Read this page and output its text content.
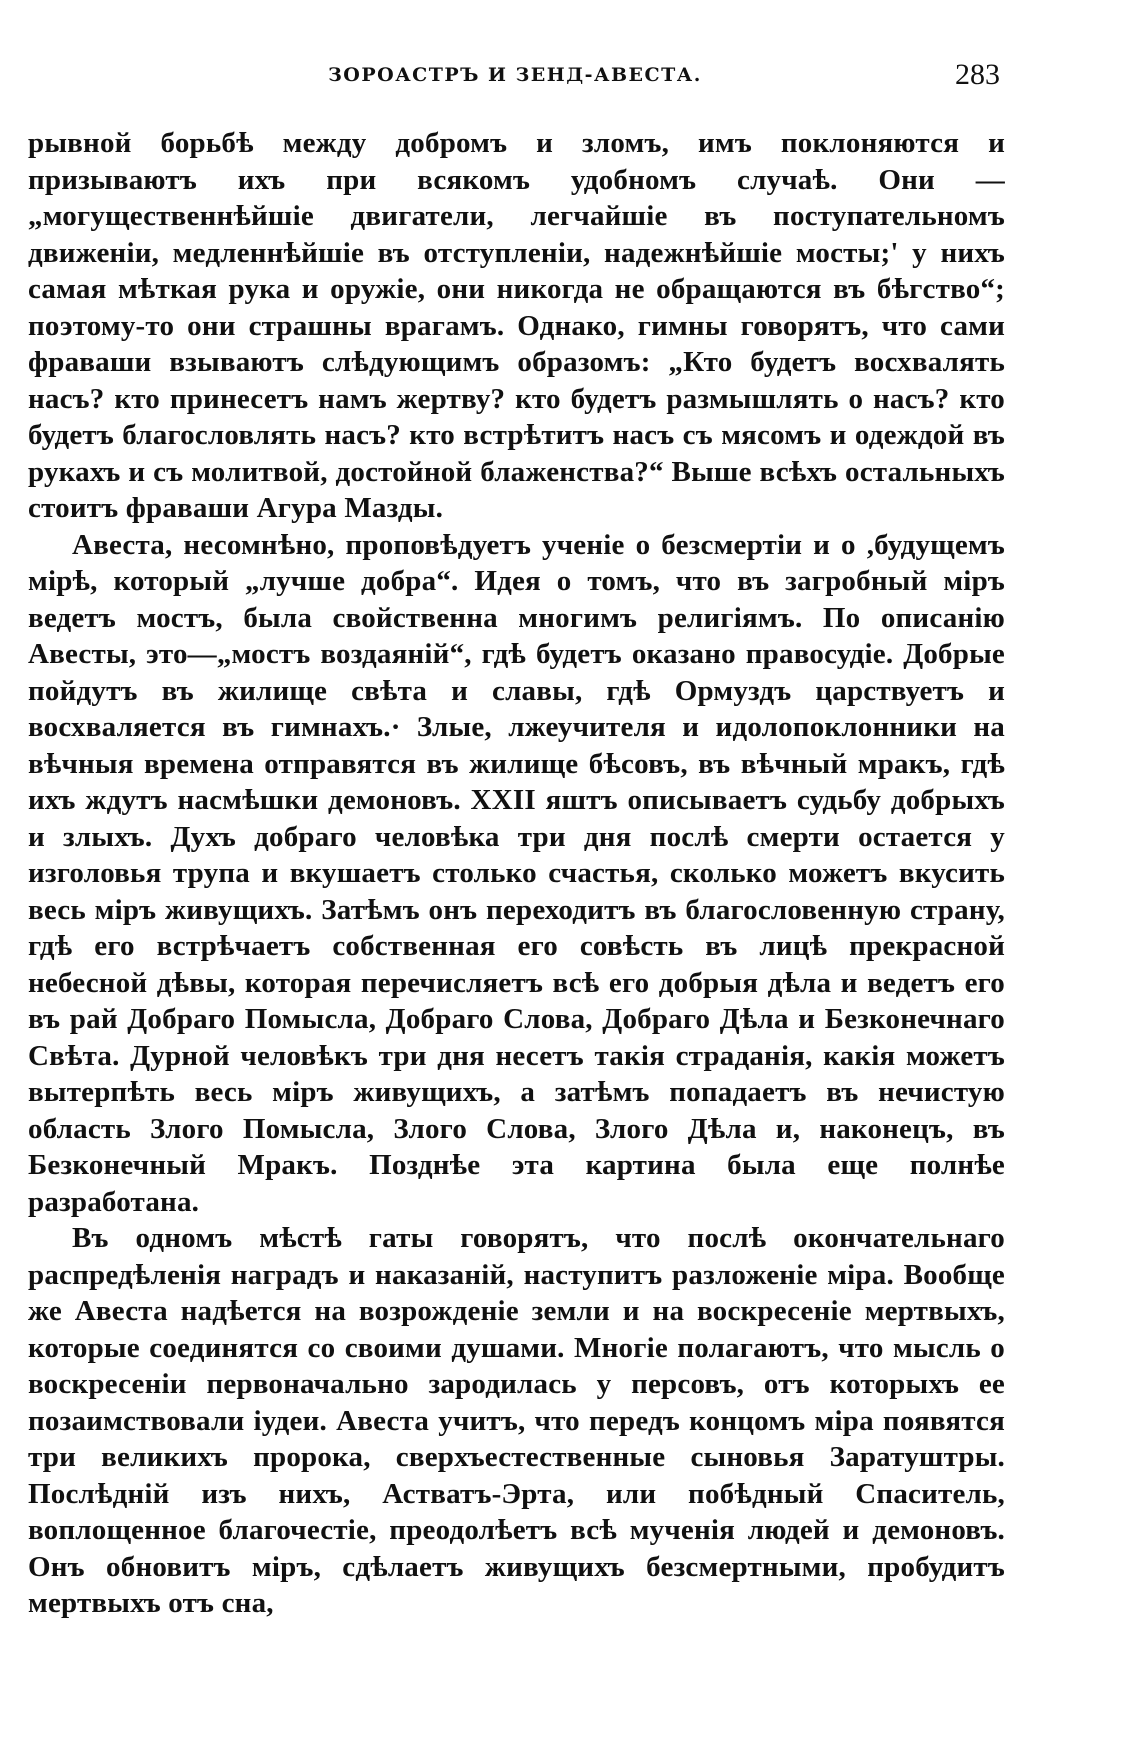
ЗОРОАСТРЪ И ЗЕНД-АВЕСТА.	283

рывной борьбѣ между добромъ и зломъ, имъ поклоняются и призываютъ ихъ при всякомъ удобномъ случаѣ. Они — „могущественнѣйшіе двигатели, легчайшіе въ поступательномъ движеніи, медленнѣйшіе въ отступленіи, надежнѣйшіе мосты;' у нихъ самая мѣткая рука и оружіе, они никогда не обращаются въ бѣгство“; поэтому-то они страшны врагамъ. Однако, гимны говорятъ, что сами фраваши взываютъ слѣдующимъ образомъ: „Кто будетъ восхвалять насъ? кто принесетъ намъ жертву? кто будетъ размышлять о насъ? кто будетъ благословлять насъ? кто встрѣтитъ насъ съ мясомъ и одеждой въ рукахъ и съ молитвой, достойной блаженства?“ Выше всѣхъ остальныхъ стоитъ фраваши Агура Мазды.

Авеста, несомнѣно, проповѣдуетъ ученіе о безсмертіи и о ,будущемъ мірѣ, который „лучше добра“. Идея о томъ, что въ загробный міръ ведетъ мостъ, была свойственна многимъ религіямъ. По описанію Авесты, это—„мостъ воздаяній“, гдѣ будетъ оказано правосудіе. Добрые пойдутъ въ жилище свѣта и славы, гдѣ Ормуздъ царствуетъ и восхваляется въ гимнахъ.· Злые, лжеучителя и идолопоклонники на вѣчныя времена отправятся въ жилище бѣсовъ, въ вѣчный мракъ, гдѣ ихъ ждутъ насмѣшки демоновъ. XXII яштъ описываетъ судьбу добрыхъ и злыхъ. Духъ добраго человѣка три дня послѣ смерти остается у изголовья трупа и вкушаетъ столько счастья, сколько можетъ вкусить весь міръ живущихъ. Затѣмъ онъ переходитъ въ благословенную страну, гдѣ его встрѣчаетъ собственная его совѣсть въ лицѣ прекрасной небесной дѣвы, которая перечисляетъ всѣ его добрыя дѣла и ведетъ его въ рай Добраго Помысла, Добраго Слова, Добраго Дѣла и Безконечнаго Свѣта. Дурной человѣкъ три дня несетъ такія страданія, какія можетъ вытерпѣть весь міръ живущихъ, а затѣмъ попадаетъ въ нечистую область Злого Помысла, Злого Слова, Злого Дѣла и, наконецъ, въ Безконечный Мракъ. Позднѣе эта картина была еще полнѣе разработана.

Въ одномъ мѣстѣ гаты говорятъ, что послѣ окончательнаго распредѣленія наградъ и наказаній, наступитъ разложеніе міра. Вообще же Авеста надѣется на возрожденіе земли и на воскресеніе мертвыхъ, которые соединятся со своими душами. Многіе полагаютъ, что мысль о воскресеніи первоначально зародилась у персовъ, отъ которыхъ ее позаимствовали іудеи. Авеста учитъ, что передъ концомъ міра появятся три великихъ пророка, сверхъестественные сыновья Заратуштры. Послѣдній изъ нихъ, Астватъ-Эрта, или побѣдный Спаситель, воплощенное благочестіе, преодолѣетъ всѣ мученія людей и демоновъ. Онъ обновитъ міръ, сдѣлаетъ живущихъ безсмертными, пробудитъ мертвыхъ отъ сна,
